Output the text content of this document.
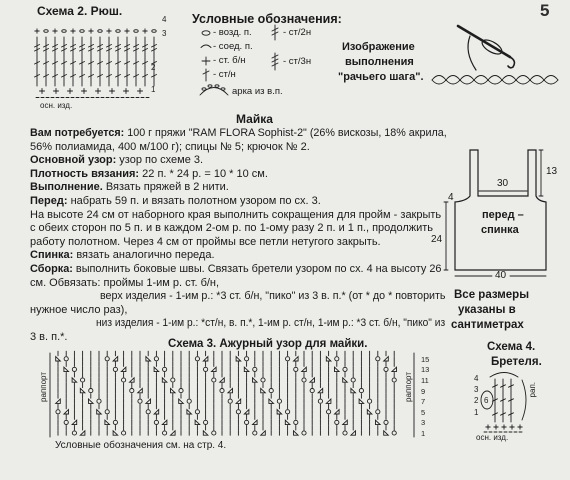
5
Схема 2. Рюш.
4
3
2
1
осн. изд.
Условные обозначения:
- возд. п.
- соед. п.
- ст. б/н
- ст/н
- ст/2н
- ст/3н
арка из в.п.
Изображение
выполнения
"рачьего шага".
Майка
Вам потребуется: 100 г пряжи "RAM FLORA Sophist-2" (26% вискозы, 18% акрила,
56% полиамида, 400 м/100 г); спицы № 5; крючок № 2.
Основной узор: узор по схеме 3.
Плотность вязания: 22 п. * 24 р. = 10 * 10 см.
Выполнение. Вязать пряжей в 2 нити.
Перед: набрать 59 п. и вязать полотном узором по сх. 3.
На высоте 24 см от наборного края выполнить сокращения для пройм - закрыть
с обеих сторон по 5 п. и в каждом 2-ом р. по 1-ому разу 2 п. и 1 п., продолжить
работу полотном. Через 4 см от проймы все петли нетугого закрыть.
Спинка: вязать аналогично переда.
Сборка: выполнить боковые швы. Связать бретели узором по сх. 4 на высоту 26
см. Обвязать: проймы 1-им р. ст. б/н,
верх изделия - 1-им р.: *3 ст. б/н, "пико" из 3 в. п.* (от * до * повторить
нужное число раз),
низ изделия - 1-им р.: *ст/н, в. п.*, 1-им р. ст/н, 1-им р.: *3 ст. б/н, "пико" из
3 в. п.*.
13
30
4
24
40
перед –
спинка
Все размеры
указаны в
сантиметрах
Схема 3. Ажурный узор для майки.
15
13
11
9
7
5
3
1
раппорт	раппорт
Условные обозначения см. на стр. 4.
Схема 4.
Бретеля.
4
3
2
1
6
рап.
осн. изд.
